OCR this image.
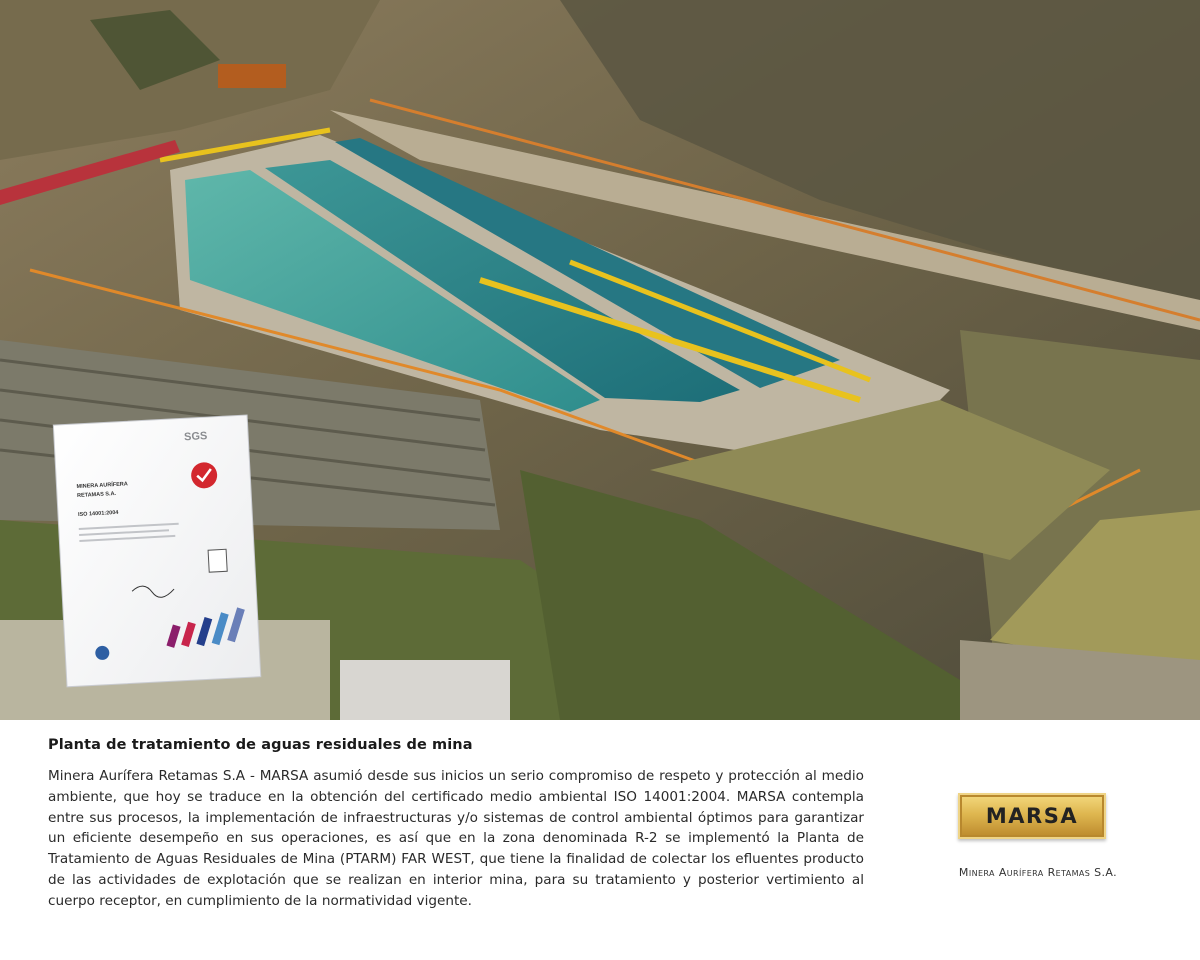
SGS
MINERA AURÍFERA
RETAMAS S.A.
ISO 14001:2004
Planta de tratamiento de aguas residuales de mina
Minera Aurífera Retamas S.A - MARSA asumió desde sus inicios un serio compromiso de respeto y protección al medio ambiente, que hoy se traduce en la obtención del certificado medio ambiental ISO 14001:2004. MARSA contempla entre sus procesos, la implementación de infraestructuras y/o sistemas de control ambiental óptimos para garantizar un eficiente desempeño en sus operaciones, es así que en la zona denominada R-2 se implementó la Planta de Tratamiento de Aguas Residuales de Mina (PTARM) FAR WEST, que tiene la finalidad de colectar los efluentes producto de las actividades de explotación que se realizan en interior mina, para su tratamiento y posterior vertimiento al cuerpo receptor, en cumplimiento de la normatividad vigente.
MARSA
Minera Aurífera Retamas S.A.
